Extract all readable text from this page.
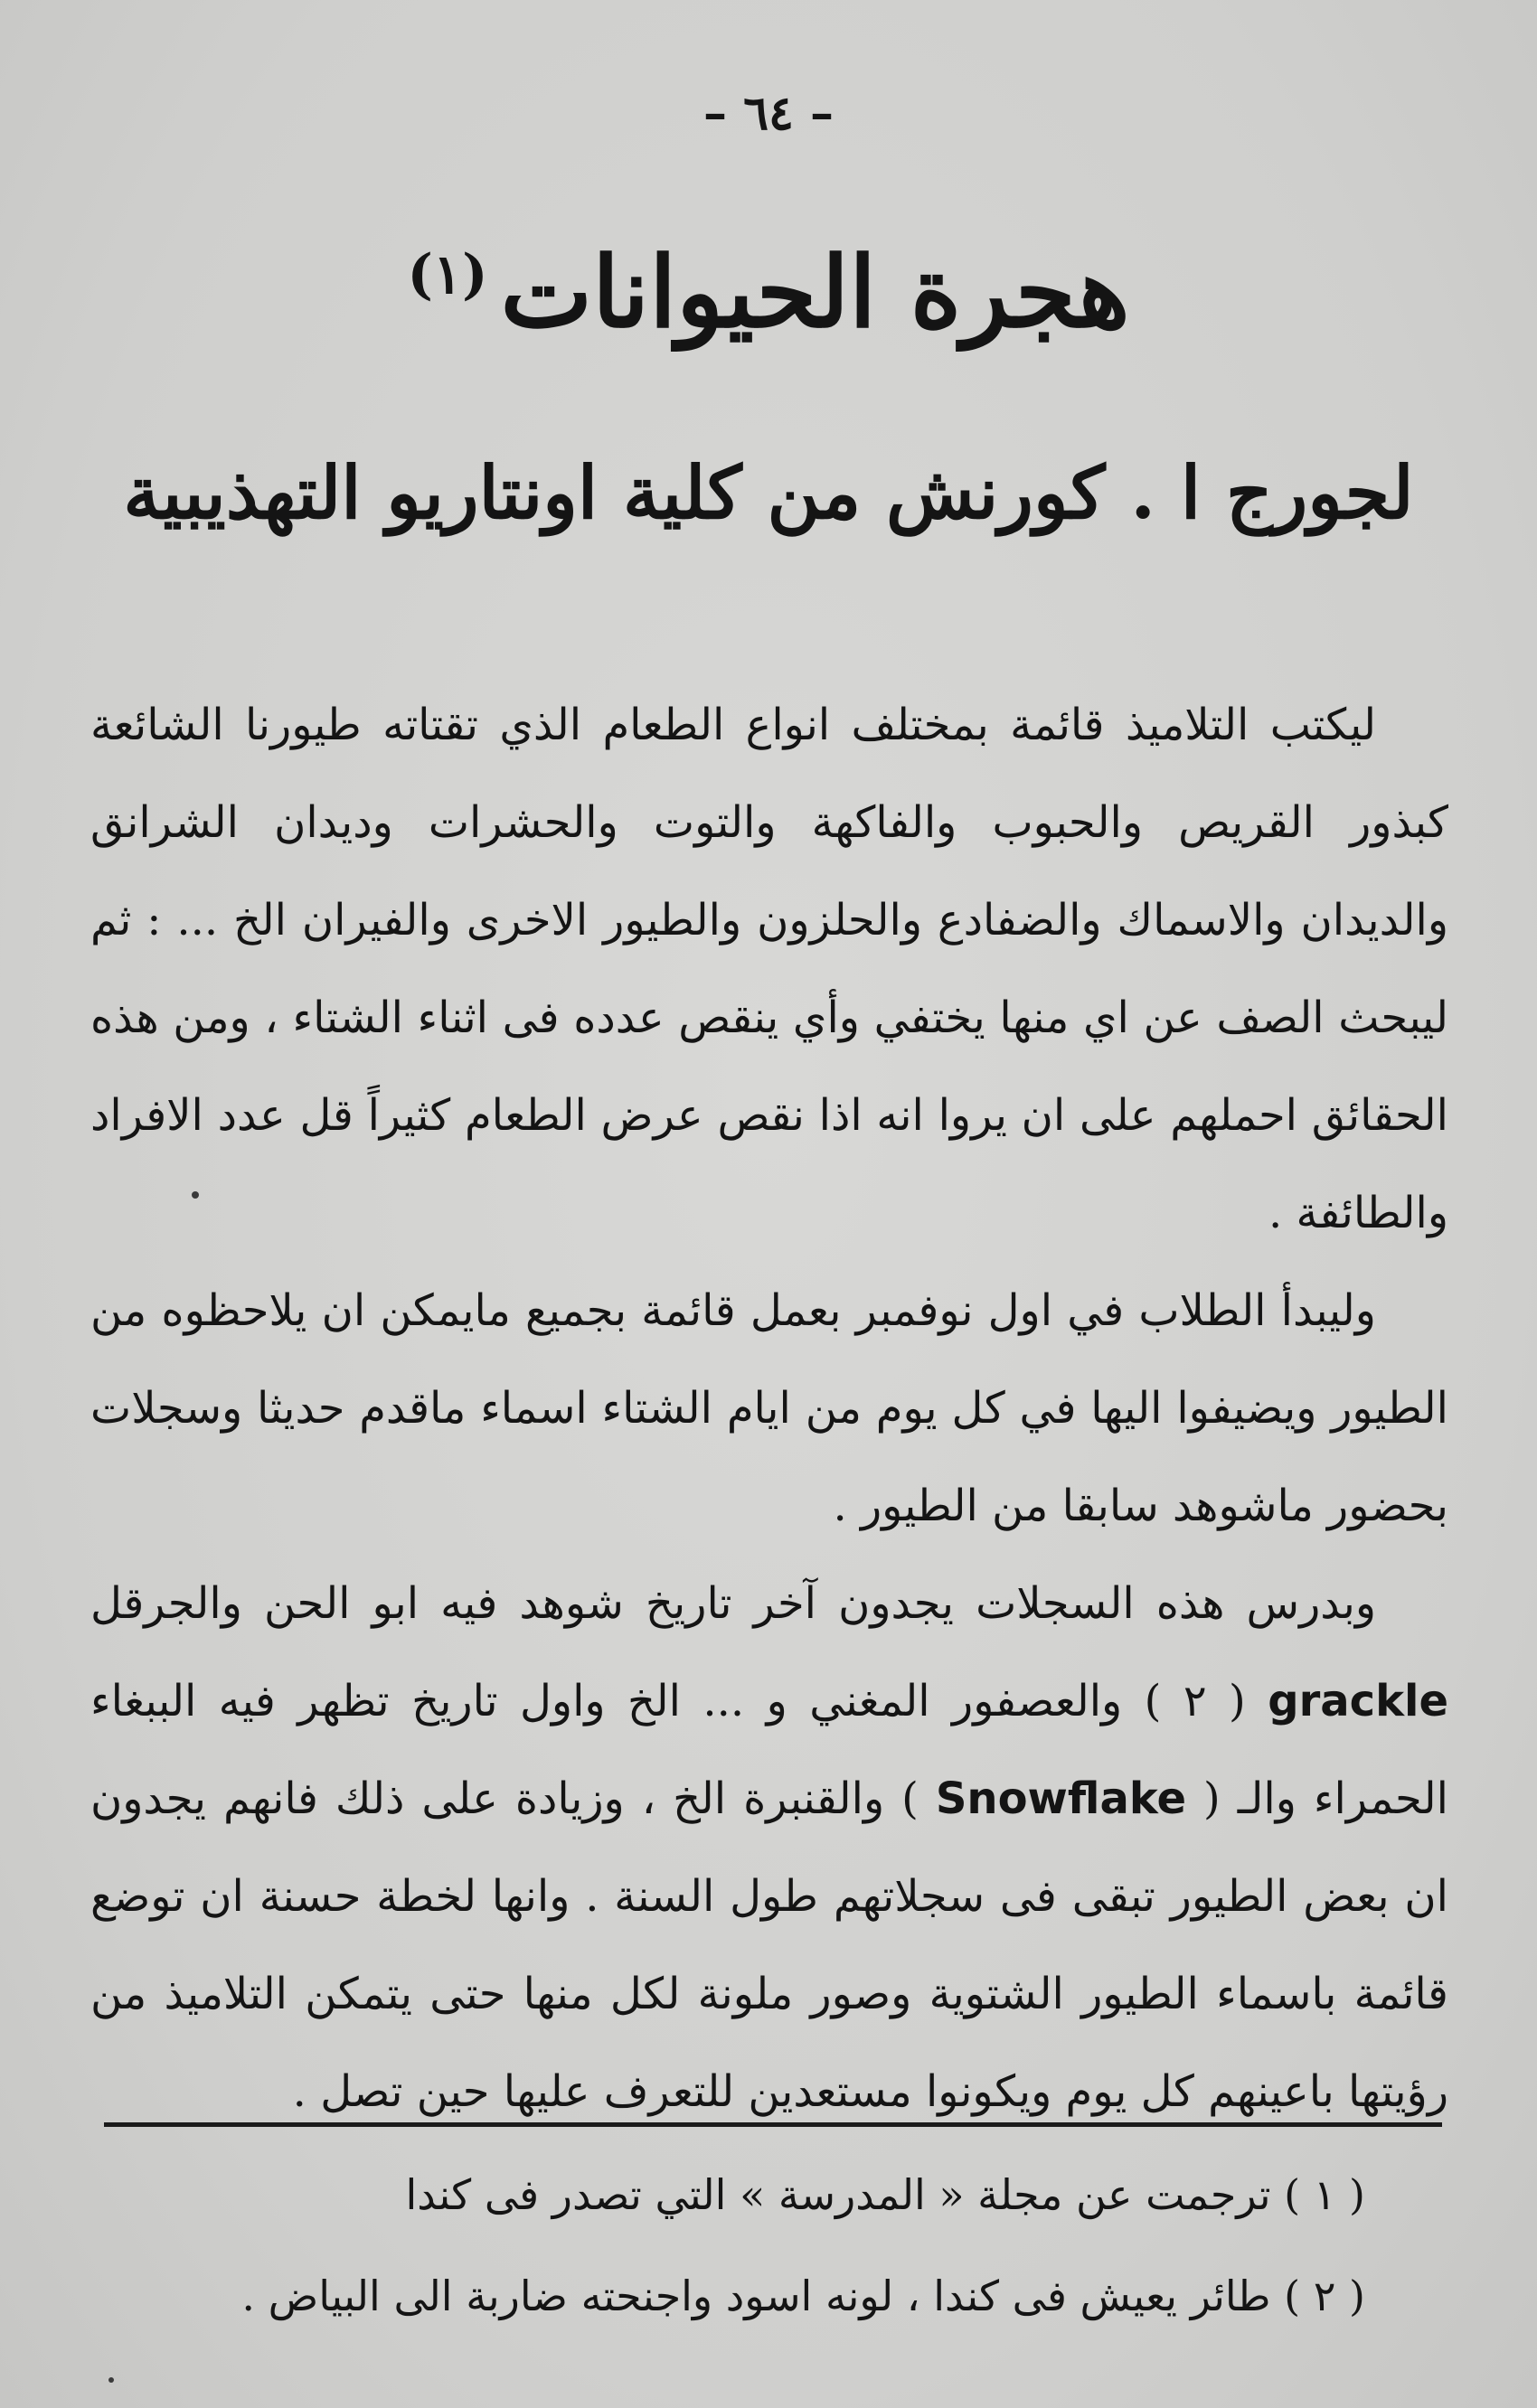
– ٦٤ –
هجرة الحيوانات$^{(١)}$
لجورج ا . كورنش من كلية اونتاريو التهذيبية

ليكتب التلاميذ قائمة بمختلف انواع الطعام الذي تقتاته طيورنا الشائعة كبذور القريص والحبوب والفاكهة والتوت والحشرات وديدان الشرانق والديدان والاسماك والضفادع والحلزون والطيور الاخرى والفيران الخ ... : ثم ليبحث الصف عن اي منها يختفي وأي ينقص عدده فى اثناء الشتاء ، ومن هذه الحقائق احملهم على ان يروا انه اذا نقص عرض الطعام كثيراً قل عدد الافراد والطائفة .

وليبدأ الطلاب في اول نوفمبر بعمل قائمة بجميع مايمكن ان يلاحظوه من الطيور ويضيفوا اليها في كل يوم من ايام الشتاء اسماء ماقدم حديثا وسجلات بحضور ماشوهد سابقا من الطيور .

وبدرس هذه السجلات يجدون آخر تاريخ شوهد فيه ابو الحن والجرقل grackle ( ٢ ) والعصفور المغني و ... الخ واول تاريخ تظهر فيه الببغاء الحمراء والـ ( Snowflake ) والقنبرة الخ ، وزيادة على ذلك فانهم يجدون ان بعض الطيور تبقى فى سجلاتهم طول السنة . وانها لخطة حسنة ان توضع قائمة باسماء الطيور الشتوية وصور ملونة لكل منها حتى يتمكن التلاميذ من رؤيتها باعينهم كل يوم ويكونوا مستعدين للتعرف عليها حين تصل .

( ١ ) ترجمت عن مجلة « المدرسة » التي تصدر فى كندا

( ٢ ) طائر يعيش فى كندا ، لونه اسود واجنحته ضاربة الى البياض .
